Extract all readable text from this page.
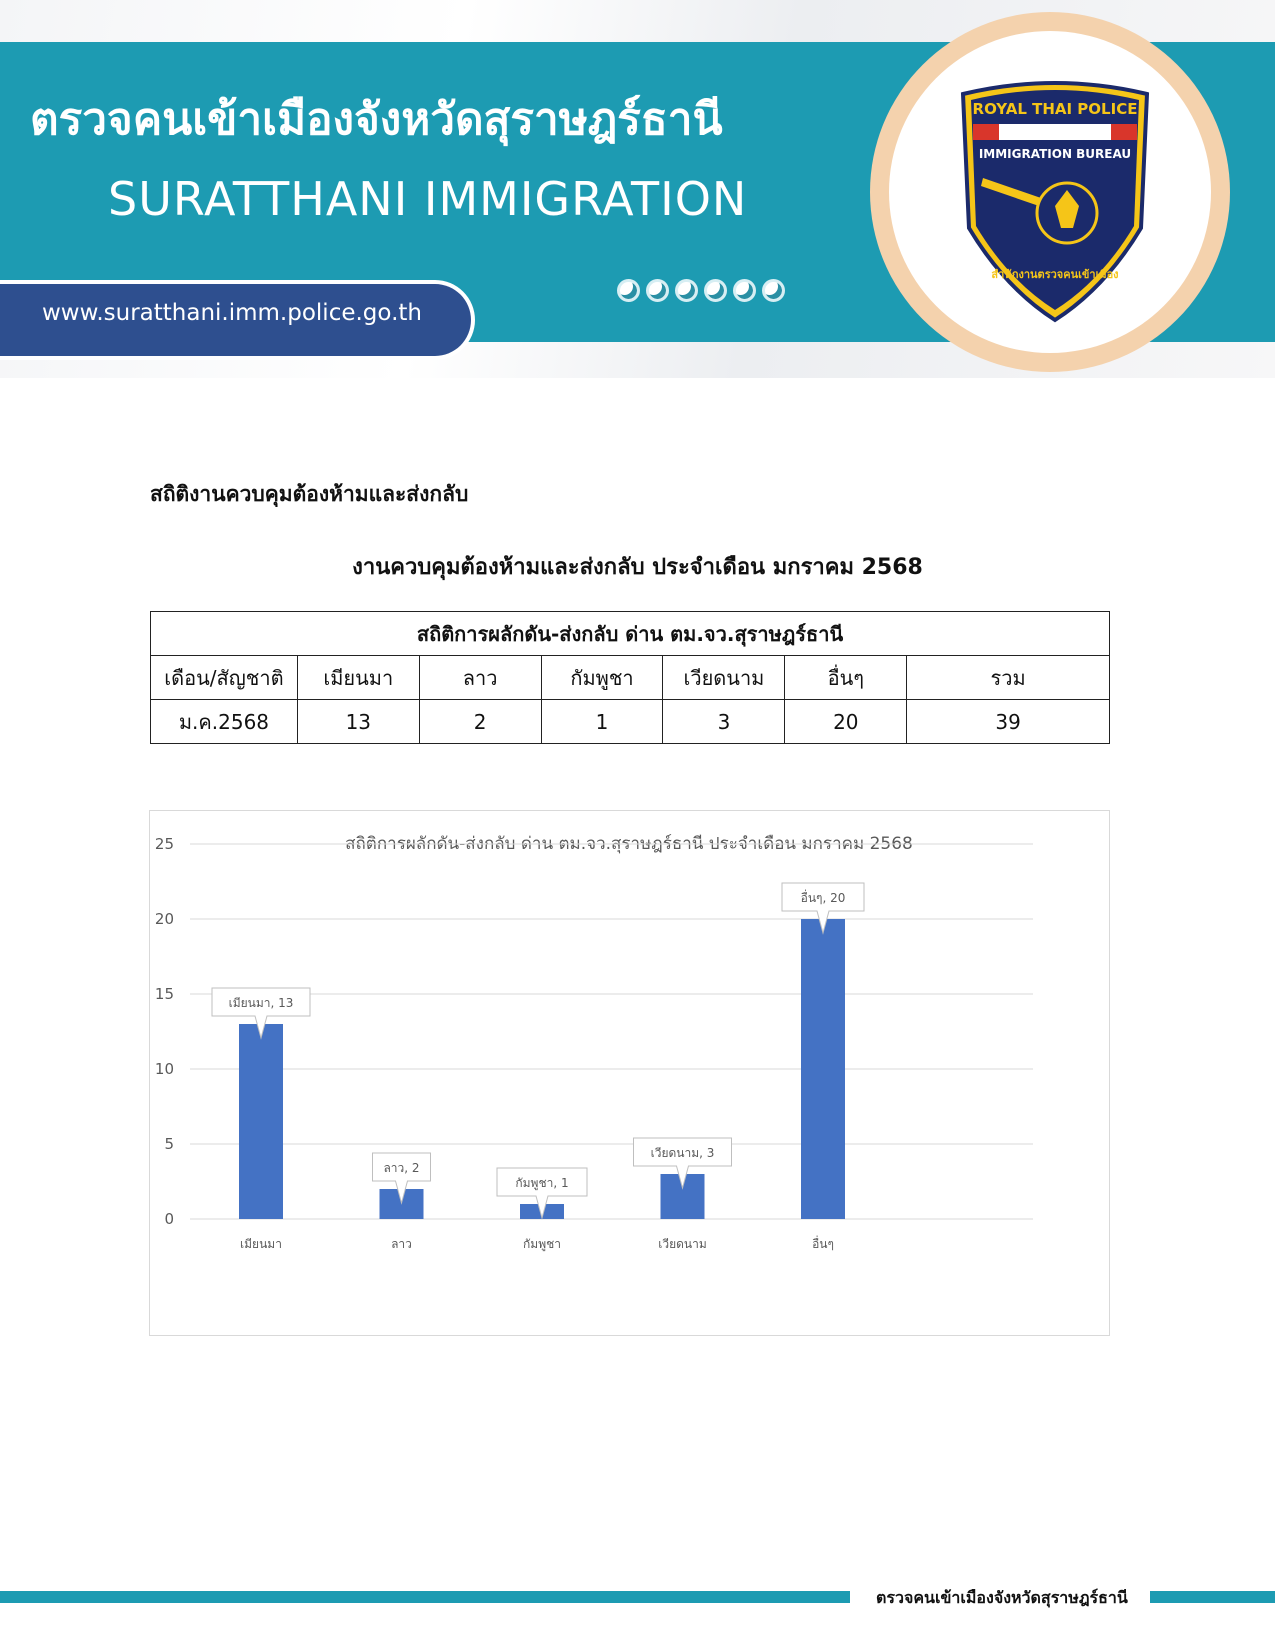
ตรวจคนเข้าเมืองจังหวัดสุราษฎร์ธานี
SURATTHANI IMMIGRATION
www.suratthani.imm.police.go.th
ROYAL THAI POLICE
IMMIGRATION BUREAU
สำนักงานตรวจคนเข้าเมือง
สถิติงานควบคุมต้องห้ามและส่งกลับ
งานควบคุมต้องห้ามและส่งกลับ ประจำเดือน มกราคม 2568
สถิติการผลักดัน-ส่งกลับ ด่าน ตม.จว.สุราษฎร์ธานี						
เดือน/สัญชาติ	เมียนมา	ลาว	กัมพูชา	เวียดนาม	อื่นๆ	รวม
ม.ค.2568	13	2	1	3	20	39
สถิติการผลักดัน-ส่งกลับ ด่าน ตม.จว.สุราษฎร์ธานี ประจำเดือน มกราคม 2568
0
5
10
15
20
25
เมียนมา	ลาว	กัมพูชา	เวียดนาม	อื่นๆ
เมียนมา, 13
ลาว, 2
กัมพูชา, 1
เวียดนาม, 3
อื่นๆ, 20
ตรวจคนเข้าเมืองจังหวัดสุราษฎร์ธานี
